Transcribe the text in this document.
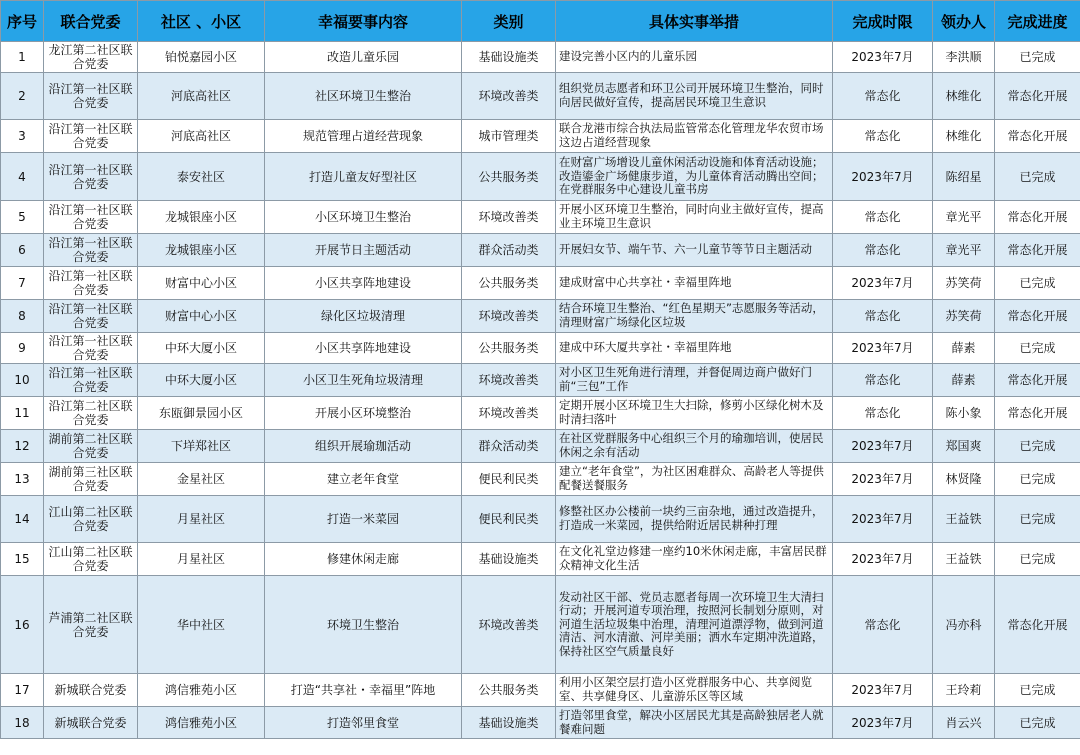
序号	联合党委	社区 、小区	幸福要事内容	类别	具体实事举措	完成时限	领办人	完成进度
1	龙江第二社区联合党委	铂悦嘉园小区	改造儿童乐园	基础设施类	建设完善小区内的儿童乐园	2023年7月	李洪顺	已完成
2	沿江第一社区联合党委	河底高社区	社区环境卫生整治	环境改善类	组织党员志愿者和环卫公司开展环境卫生整治，同时向居民做好宣传，提高居民环境卫生意识	常态化	林维化	常态化开展
3	沿江第一社区联合党委	河底高社区	规范管理占道经营现象	城市管理类	联合龙港市综合执法局监管常态化管理龙华农贸市场这边占道经营现象	常态化	林维化	常态化开展
4	沿江第一社区联合党委	泰安社区	打造儿童友好型社区	公共服务类	在财富广场增设儿童休闲活动设施和体育活动设施；改造鎏金广场健康步道，为儿童体育活动腾出空间；在党群服务中心建设儿童书房	2023年7月	陈绍星	已完成
5	沿江第一社区联合党委	龙城银座小区	小区环境卫生整治	环境改善类	开展小区环境卫生整治，同时向业主做好宣传，提高业主环境卫生意识	常态化	章光平	常态化开展
6	沿江第一社区联合党委	龙城银座小区	开展节日主题活动	群众活动类	开展妇女节、端午节、六一儿童节等节日主题活动	常态化	章光平	常态化开展
7	沿江第一社区联合党委	财富中心小区	小区共享阵地建设	公共服务类	建成财富中心共享社・幸福里阵地	2023年7月	苏笑荷	已完成
8	沿江第一社区联合党委	财富中心小区	绿化区垃圾清理	环境改善类	结合环境卫生整治、“红色星期天”志愿服务等活动，清理财富广场绿化区垃圾	常态化	苏笑荷	常态化开展
9	沿江第一社区联合党委	中环大厦小区	小区共享阵地建设	公共服务类	建成中环大厦共享社・幸福里阵地	2023年7月	薛素	已完成
10	沿江第一社区联合党委	中环大厦小区	小区卫生死角垃圾清理	环境改善类	对小区卫生死角进行清理，并督促周边商户做好门前“三包”工作	常态化	薛素	常态化开展
11	沿江第二社区联合党委	东瓯御景园小区	开展小区环境整治	环境改善类	定期开展小区环境卫生大扫除，修剪小区绿化树木及时清扫落叶	常态化	陈小象	常态化开展
12	湖前第二社区联合党委	下垟郑社区	组织开展瑜珈活动	群众活动类	在社区党群服务中心组织三个月的瑜珈培训，使居民休闲之余有活动	2023年7月	郑国爽	已完成
13	湖前第三社区联合党委	金星社区	建立老年食堂	便民利民类	建立“老年食堂”，为社区困难群众、高龄老人等提供配餐送餐服务	2023年7月	林贤隆	已完成
14	江山第二社区联合党委	月星社区	打造一米菜园	便民利民类	修整社区办公楼前一块约三亩杂地，通过改造提升，打造成一米菜园，提供给附近居民耕种打理	2023年7月	王益铁	已完成
15	江山第二社区联合党委	月星社区	修建休闲走廊	基础设施类	在文化礼堂边修建一座约10米休闲走廊，丰富居民群众精神文化生活	2023年7月	王益铁	已完成
16	芦浦第二社区联合党委	华中社区	环境卫生整治	环境改善类	发动社区干部、党员志愿者每周一次环境卫生大清扫行动；开展河道专项治理，按照河长制划分原则，对河道生活垃圾集中治理，清理河道漂浮物，做到河道清洁、河水清澈、河岸美丽；洒水车定期冲洗道路，保持社区空气质量良好	常态化	冯亦科	常态化开展
17	新城联合党委	鸿信雅苑小区	打造“共享社・幸福里”阵地	公共服务类	利用小区架空层打造小区党群服务中心、共享阅览室、共享健身区、儿童游乐区等区域	2023年7月	王玲莉	已完成
18	新城联合党委	鸿信雅苑小区	打造邻里食堂	基础设施类	打造邻里食堂，解决小区居民尤其是高龄独居老人就餐难问题	2023年7月	肖云兴	已完成
